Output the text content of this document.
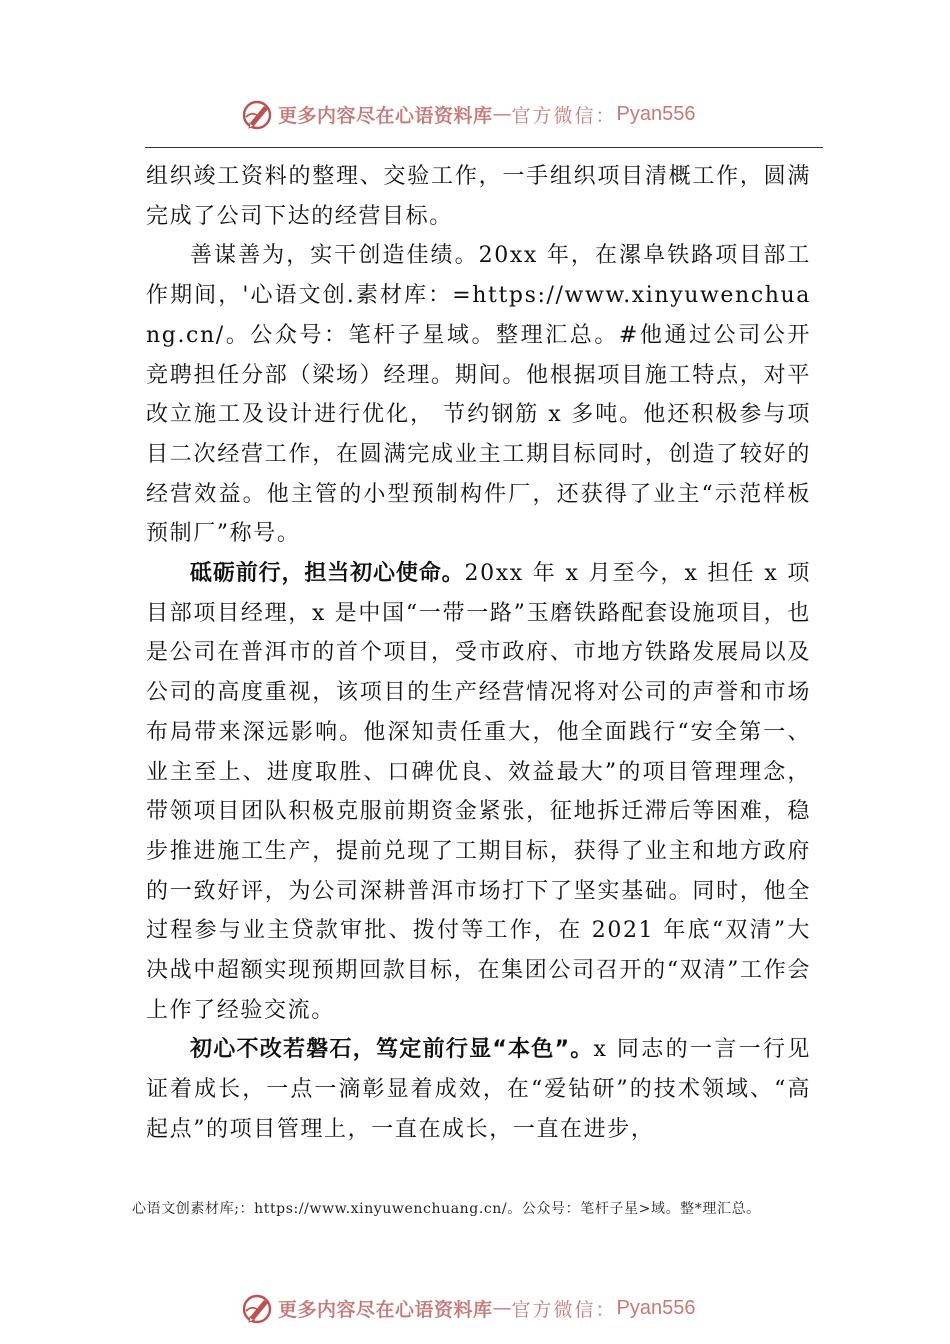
更多内容尽在心语资料库 — 官方微信： Pyan556

组织竣工资料的整理、交验工作，一手组织项目清概工作，圆满完成了公司下达的经营目标。

善谋善为，实干创造佳绩。20xx 年，在漯阜铁路项目部工作期间，'心语文创.素材库：=https://www.xinyuwenchuang.cn/。公众号：笔杆子星域。整理汇总。#他通过公司公开竞聘担任分部（梁场）经理。期间。他根据项目施工特点，对平改立施工及设计进行优化， 节约钢筋 x 多吨。他还积极参与项目二次经营工作，在圆满完成业主工期目标同时，创造了较好的经营效益。他主管的小型预制构件厂，还获得了业主“示范样板预制厂”称号。

砥砺前行，担当初心使命。20xx 年 x 月至今，x 担任 x 项目部项目经理，x 是中国“一带一路”玉磨铁路配套设施项目，也是公司在普洱市的首个项目，受市政府、市地方铁路发展局以及公司的高度重视，该项目的生产经营情况将对公司的声誉和市场布局带来深远影响。他深知责任重大，他全面践行“安全第一、业主至上、进度取胜、口碑优良、效益最大”的项目管理理念，带领项目团队积极克服前期资金紧张，征地拆迁滞后等困难，稳步推进施工生产，提前兑现了工期目标，获得了业主和地方政府的一致好评，为公司深耕普洱市场打下了坚实基础。同时，他全过程参与业主贷款审批、拨付等工作，在 2021 年底“双清”大决战中超额实现预期回款目标，在集团公司召开的“双清”工作会上作了经验交流。

初心不改若磐石，笃定前行显“本色”。x 同志的一言一行见证着成长，一点一滴彰显着成效，在“爱钻研”的技术领域、“高起点”的项目管理上，一直在成长，一直在进步，

心语文创素材库;：https://www.xinyuwenchuang.cn/。公众号：笔杆子星>域。整*理汇总。
更多内容尽在心语资料库 — 官方微信： Pyan556
